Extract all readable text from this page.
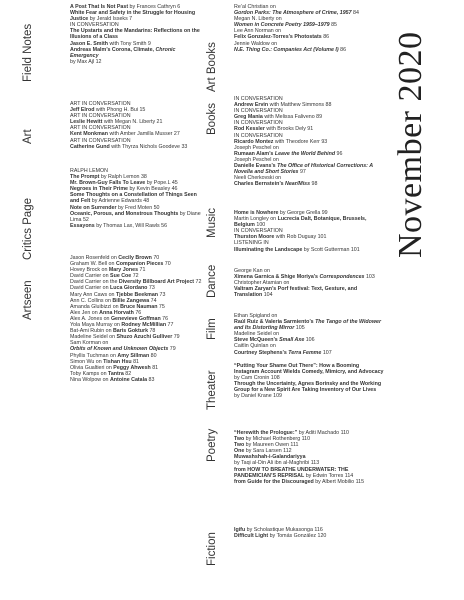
November 2020
Field Notes

A Post That Is Not Past by Frances Cathryn 6

White Fear and Safety in the Struggle for Housing Justice by Jerald Isseks 7

IN CONVERSATION

The Upstarts and the Mandarins: Reflections on the Illusions of a Class

Jason E. Smith with Tony Smith 9

Andreas Malm’s Corona, Climate, Chronic Emergency

by Max Ajl 12

Art

ART IN CONVERSATION

Jeff Elrod with Phong H. Bui 15

ART IN CONVERSATION

Leslie Hewitt with Megan N. Liberty 21

ART IN CONVERSATION

Kent Monkman with Amber Jamilla Musser 27

ART IN CONVERSATION

Catherine Gund with Thyrza Nichols Goodeve 33

Critics Page

RALPH LEMON

The Prompt by Ralph Lemon 38

Mr. Brown-Guy Falls To Leave by Pope.L 45

Negroes in Their Prime by Kevin Beasley 46

Some Thoughts on a Constellation of Things Seen and Felt by Adrienne Edwards 48

Note on Surrender by Fred Moten 50

Oceanic, Porous, and Monstrous Thoughts by Diane Lima 52

Essayons by Thomas Lax, Will Rawls 56

Artseen

Jason Rosenfeld on Cecily Brown 70

Graham W. Bell on Companion Pieces 70

Hovey Brock on Mary Jones 71

David Carrier on Sue Coe 72

David Carrier on the Diversity Billboard Art Project 72

David Carrier on Luca Giordano 73

Mary Ann Caws on Tjebbe Beekman 73

Ann C. Collins on Billie Zangewa 74

Amanda Gluibizzi on Bruce Nauman 75

Alex Jen on Anna Horvath 76

Alex A. Jones on Genevieve Goffman 76

Yola Maya Murray on Rodney McMillian 77

Bat-Ami Rubin on Baris Gokturk 78

Madeline Seidel on Shuzo Azuchi Gulliver 79

Sam Korman on

Orbits of Known and Unknown Objects 79

Phyllis Tuchman on Amy Sillman 80

Simon Wu on Tishan Hsu 81

Olivia Gualtieri on Peggy Ahwesh 81

Toby Kamps on Tantra 82

Nina Wolpow on Antoine Catala 83

Art Books

Re’al Christian on

Gordon Parks: The Atmosphere of Crime, 1957 84

Megan N. Liberty on

Women in Concrete Poetry 1959–1979 85

Lee Ann Norman on

Felix Gonzalez-Torres’s Photostats 86

Jennie Waldow on

N.E. Thing Co.: Companies Act (Volume I) 86

Books

IN CONVERSATION

Andrew Ervin with Matthew Simmons 88

IN CONVERSATION

Greg Mania with Melissa Faliveno 89

IN CONVERSATION

Rod Kessler with Brooks Dely 91

IN CONVERSATION

Ricardo Montez with Theodore Kerr 93

Joseph Peschel on

Rumaan Alam’s Leave the World Behind 96

Joseph Peschel on

Danielle Evans’s The Office of Historical Corrections: A Novella and Short Stories 97

Neeli Cherkovski on

Charles Bernstein’s Near/Miss 98

Music	Home is Nowhere by George Grella 99

Martin Longley on Lucrecia Dalt, Botanique, Brussels, Belgium 100

IN CONVERSATION

Thurston Moore with Rob Duguay 101

LISTENING IN

Illuminating the Landscape by Scott Gutterman 101

Dance	George Kan on

Ximena Garnica & Shige Moriya’s Correspondences 103

Christopher Atamian on

Valtram Zaryan’s Porf festival: Text, Gesture, and Translation 104

Film

Ethan Spigland on

Raúl Ruiz & Valeria Sarmiento’s The Tango of the Widower and Its Distorting Mirror 105

Madeline Seidel on

Steve McQueen’s Small Axe 106

Caitlin Quinlan on

Courtney Stephens’s Terra Femme 107

Theater

“Putting Your Shame Out There”: How a Booming Instagram Account Wields Comedy, Mimicry, and Advocacy

by Cam Cronin 108

Through the Uncertainty, Agnes Borinsky and the Working Group for a New Spirit Are Taking Inventory of Our Lives

by Daniel Krane 109

Poetry	“Herewith the Prologue:” by Aditi Machado 110

Two by Michael Rothenberg 110

Two by Maureen Owen 111

One by Sara Larsen 112

Muwashshah-i-Galandariyya

by Taqi al-Din Ali ibn al-Maghribi 113

from HOW TO BREATHE UNDERWATER: THE PANDEMICIAN’S REPRISAL by Edwin Torres 114

from Guide for the Discouraged by Albert Mobilio 115

Fiction

Igifu by Scholastique Mukasonga 116

Difficult Light by Tomás González 120
